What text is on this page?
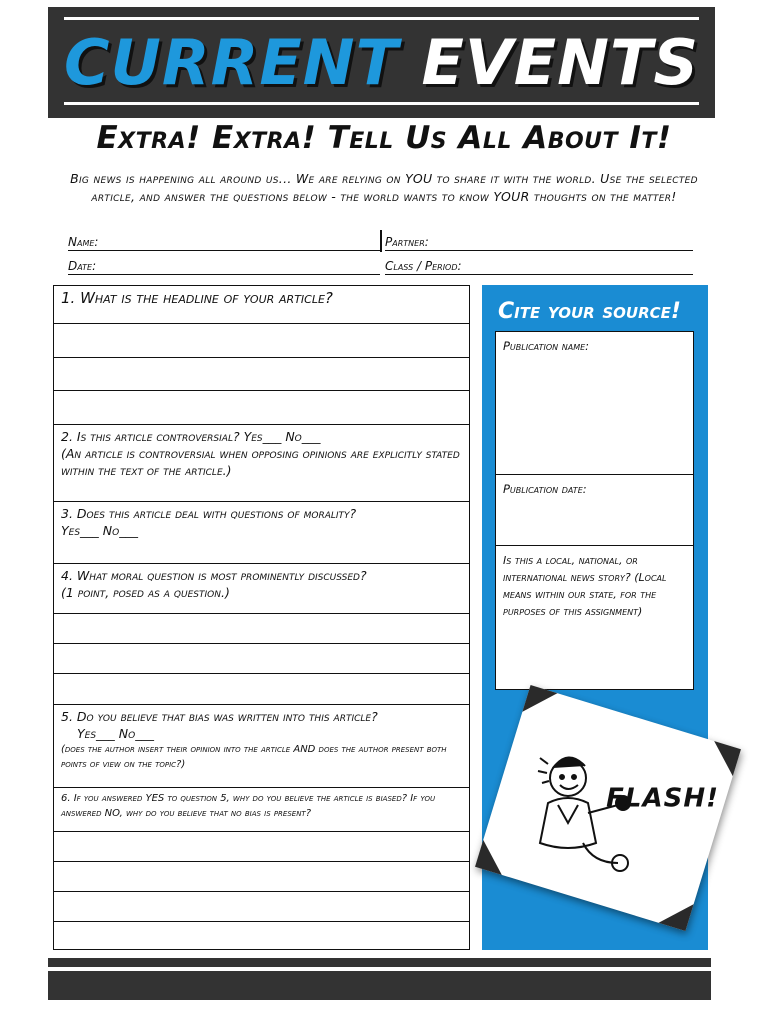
CURRENT EVENTS
Extra! Extra! Tell Us All About It!
Big news is happening all around us... We are relying on YOU to share it with the world. Use the selected article, and answer the questions below - the world wants to know YOUR thoughts on the matter!
Name:	Partner:
Date:	Class / Period:
1. What is the headline of your article?
2. Is this article controversial? Yes___ No___
(An article is controversial when opposing opinions are explicitly stated within the text of the article.)
3. Does this article deal with questions of morality?
Yes___ No___
4. What moral question is most prominently discussed?
(1 point, posed as a question.)
5. Do you believe that bias was written into this article?
Yes___ No___
(does the author insert their opinion into the article AND does the author present both points of view on the topic?)
6. If you answered YES to question 5, why do you believe the article is biased? If you answered NO, why do you believe that no bias is present?
Cite your source!
Publication name:
Publication date:
Is this a local, national, or international news story? (Local means within our state, for the purposes of this assignment)
FLASH!
